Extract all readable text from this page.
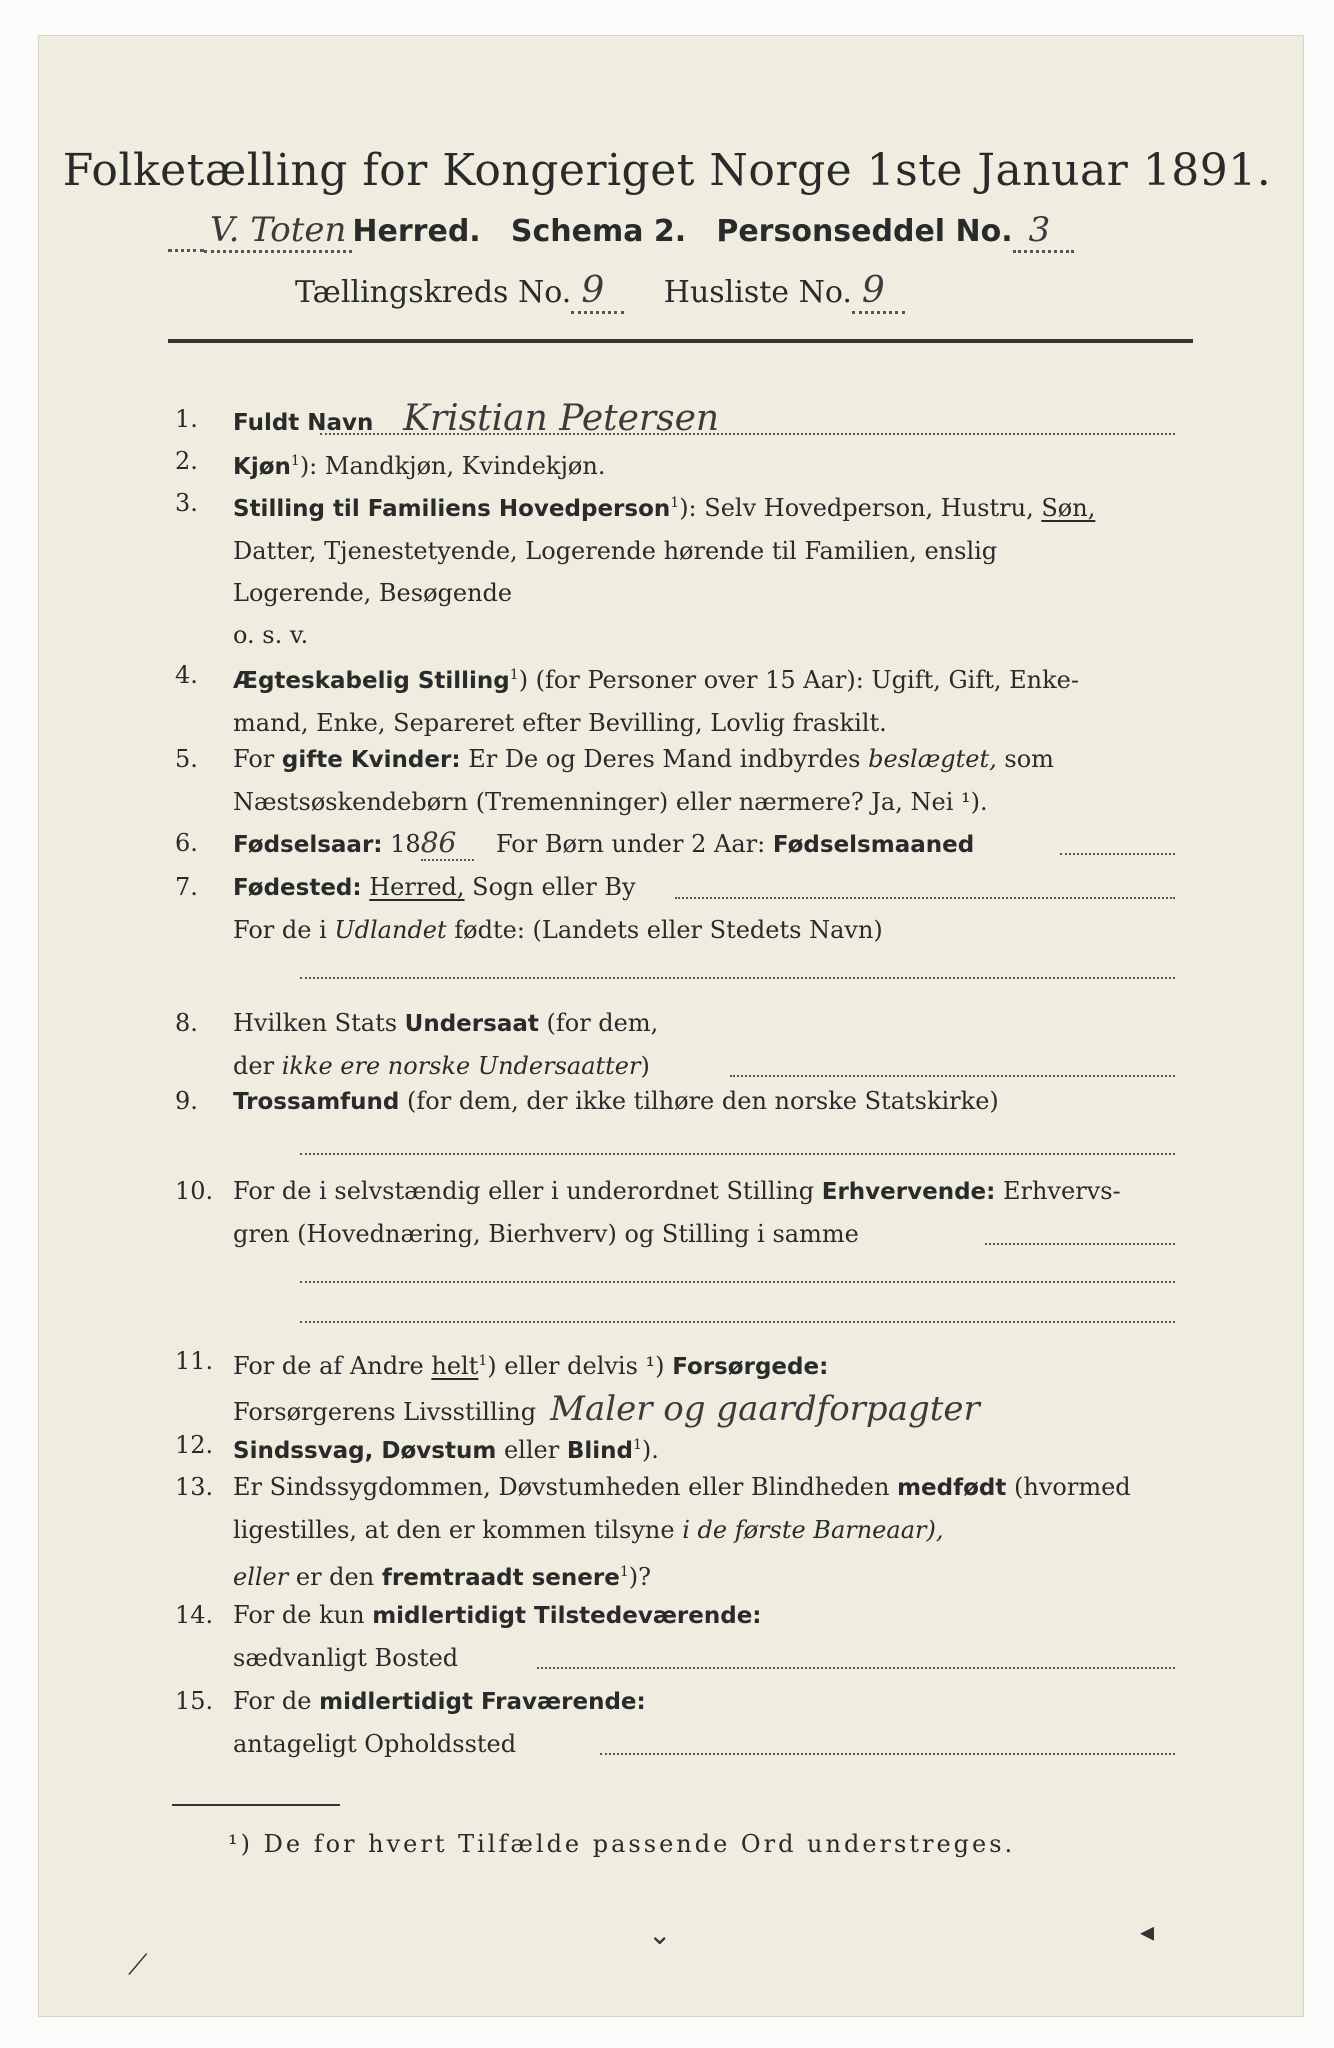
Folketælling for Kongeriget Norge 1ste Januar 1891.
V. Toten Herred. Schema 2. Personseddel No. 3
Tællingskreds No. 9 Husliste No. 9
1.	Fuldt Navn Kristian Petersen
2.	Kjøn$^1$): Mandkjøn, Kvindekjøn.
3.	Stilling til Familiens Hovedperson$^1$): Selv Hovedperson, Hustru, Søn,
Datter, Tjenestetyende, Logerende hørende til Familien, enslig
Logerende, Besøgende
o. s. v.
4.	Ægteskabelig Stilling$^1$) (for Personer over 15 Aar): Ugift, Gift, Enke-
mand, Enke, Separeret efter Bevilling, Lovlig fraskilt.
5.	For gifte Kvinder: Er De og Deres Mand indbyrdes beslægtet, som
Næstsøskendebørn (Tremenninger) eller nærmere? Ja, Nei ¹).
6.	Fødselsaar: 1886 For Børn under 2 Aar: Fødselsmaaned
7.	Fødested: Herred, Sogn eller By
For de i Udlandet fødte: (Landets eller Stedets Navn)
8.	Hvilken Stats Undersaat (for dem,
der ikke ere norske Undersaatter)
9.	Trossamfund (for dem, der ikke tilhøre den norske Statskirke)
10. For de i selvstændig eller i underordnet Stilling Erhvervende: Erhvervs-
gren (Hovednæring, Bierhverv) og Stilling i samme
11. For de af Andre helt$^1$) eller delvis ¹) Forsørgede:
Forsørgerens Livsstilling Maler og gaardforpagter
12. Sindssvag, Døvstum eller Blind$^1$).
13. Er Sindssygdommen, Døvstumheden eller Blindheden medfødt (hvormed
ligestilles, at den er kommen tilsyne i de første Barneaar),
eller er den fremtraadt senere$^1$)?
14. For de kun midlertidigt Tilstedeværende:
sædvanligt Bosted
15. For de midlertidigt Fraværende:
antageligt Opholdssted
¹) De for hvert Tilfælde passende Ord understreges.
⟋
⌄	◂
